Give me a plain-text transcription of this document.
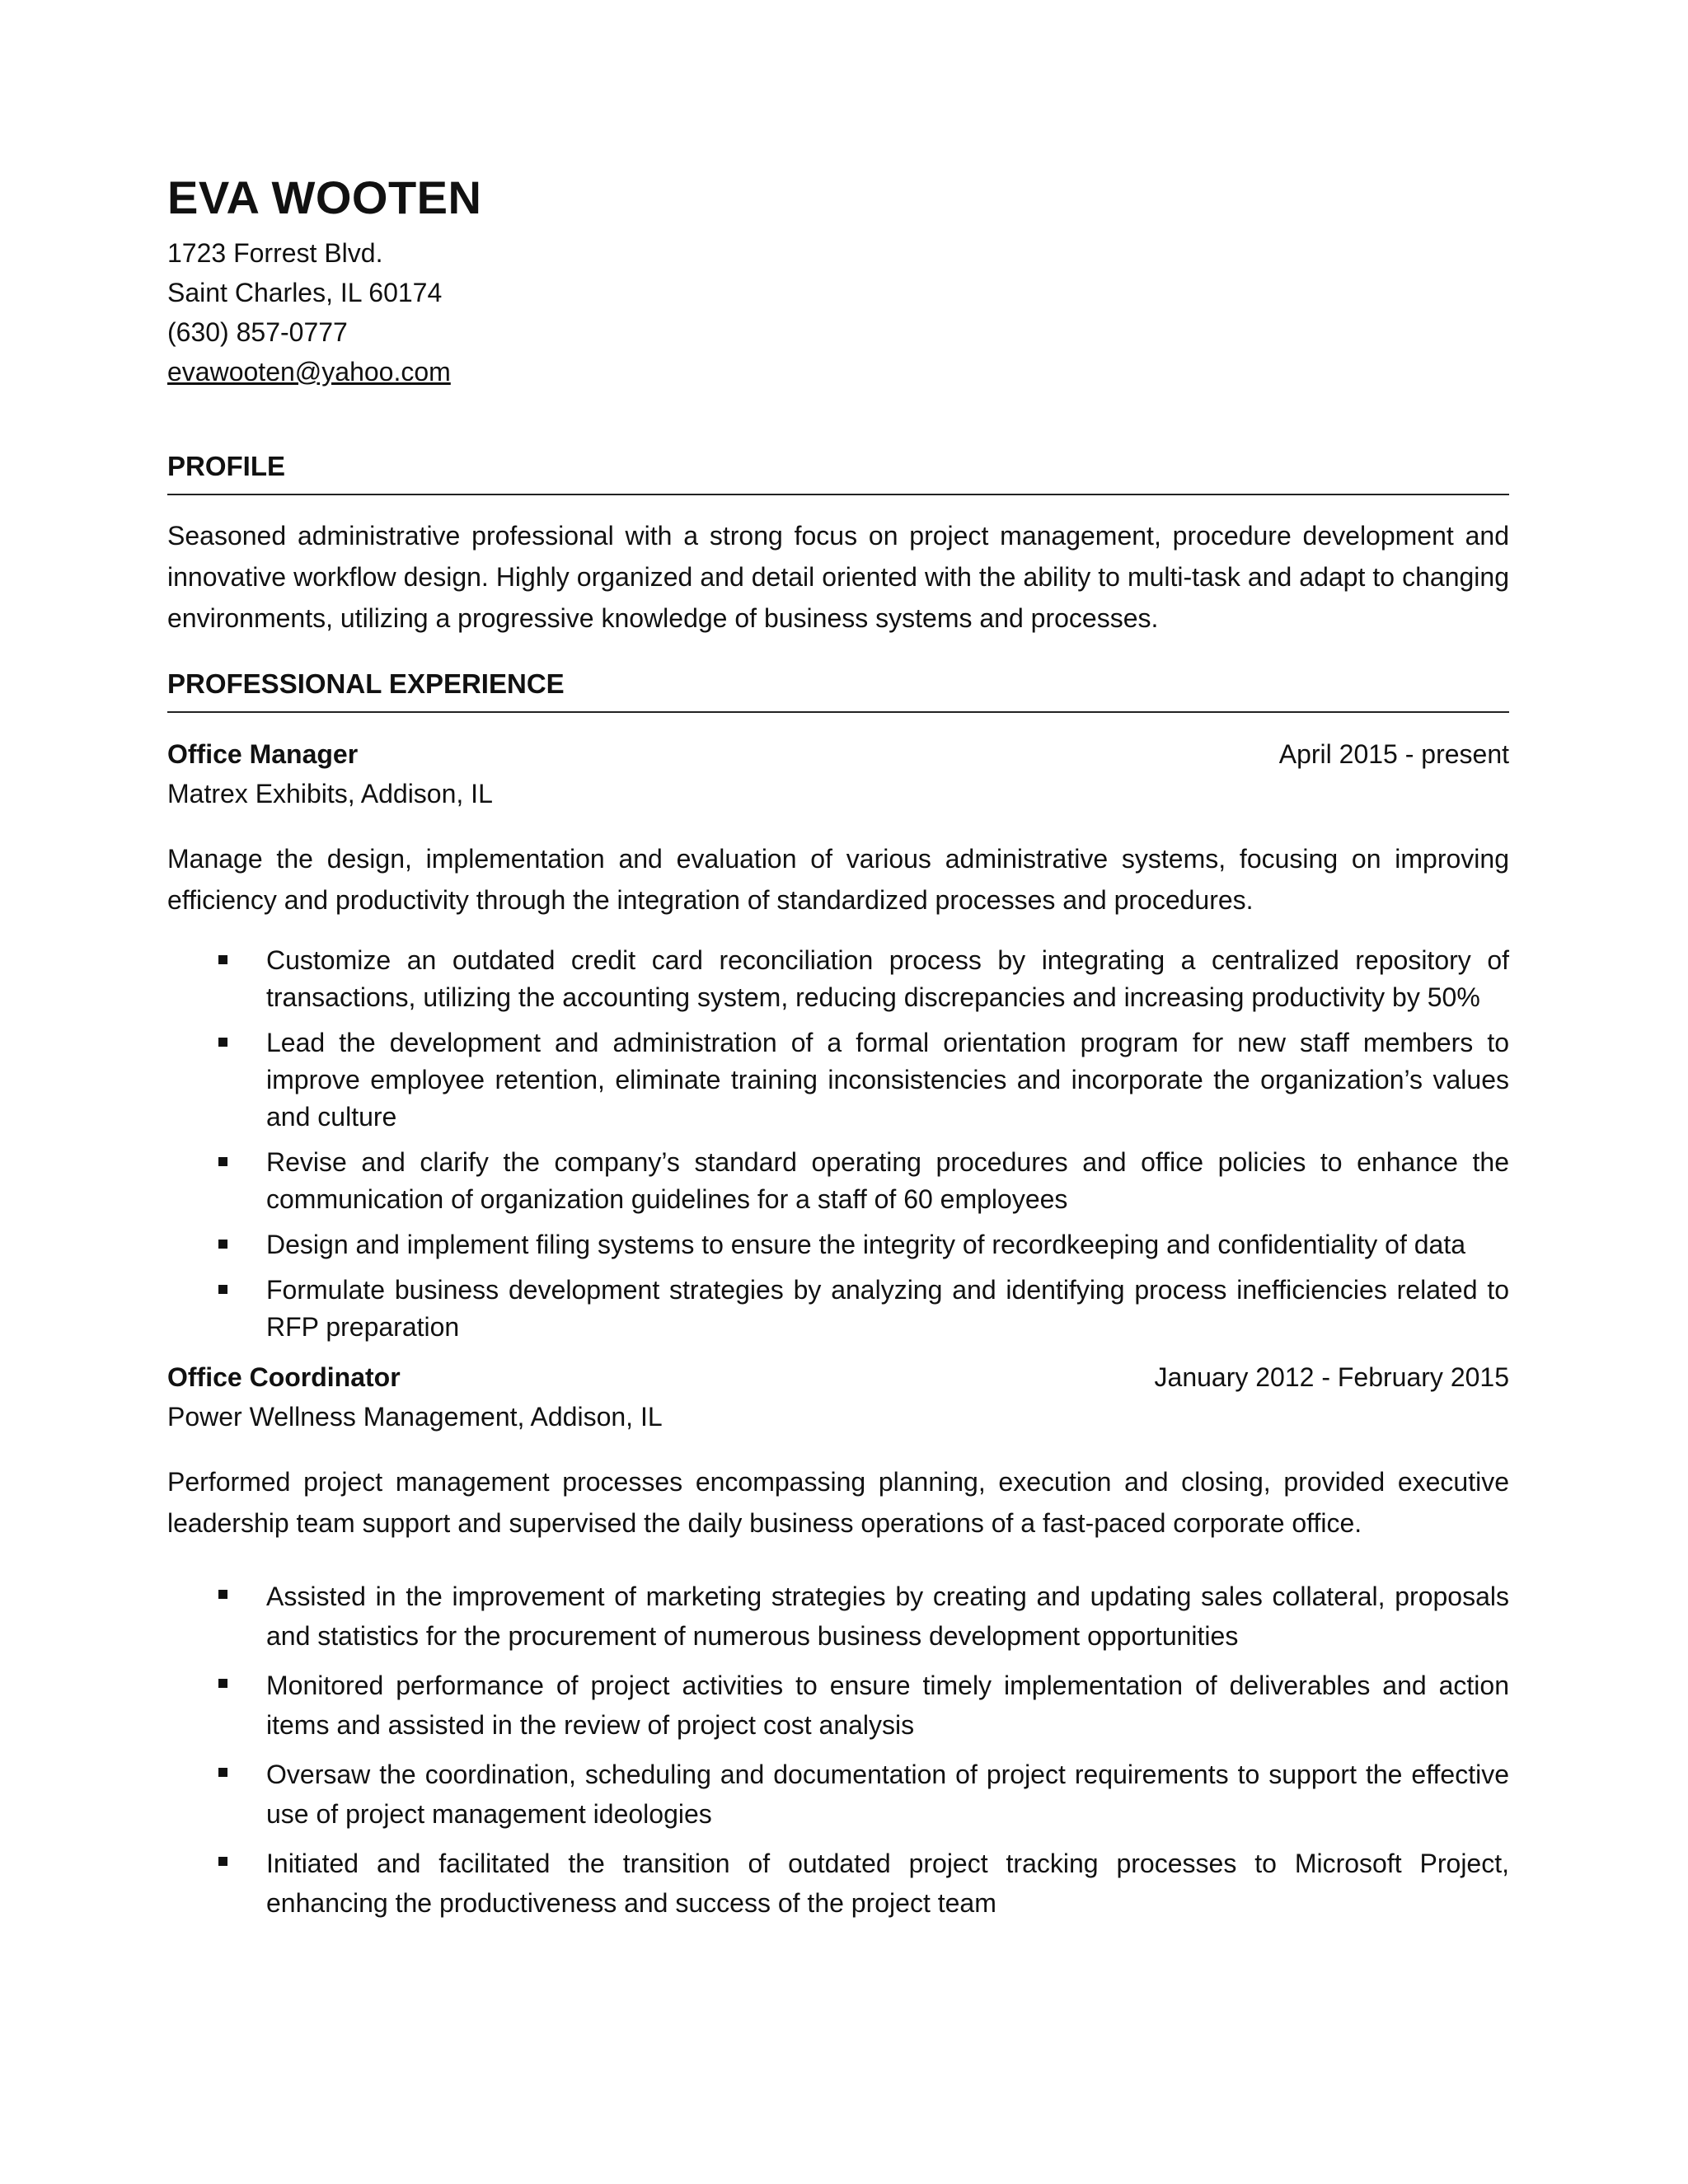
EVA WOOTEN
1723 Forrest Blvd.
Saint Charles, IL 60174
(630) 857-0777
evawooten@yahoo.com
PROFILE
Seasoned administrative professional with a strong focus on project management, procedure development and innovative workflow design. Highly organized and detail oriented with the ability to multi-task and adapt to changing environments, utilizing a progressive knowledge of business systems and processes.
PROFESSIONAL EXPERIENCE
Office Manager	April 2015 - present
Matrex Exhibits, Addison, IL
Manage the design, implementation and evaluation of various administrative systems, focusing on improving efficiency and productivity through the integration of standardized processes and procedures.
Customize an outdated credit card reconciliation process by integrating a centralized repository of transactions, utilizing the accounting system, reducing discrepancies and increasing productivity by 50%
Lead the development and administration of a formal orientation program for new staff members to improve employee retention, eliminate training inconsistencies and incorporate the organization’s values and culture
Revise and clarify the company’s standard operating procedures and office policies to enhance the communication of organization guidelines for a staff of 60 employees
Design and implement filing systems to ensure the integrity of recordkeeping and confidentiality of data
Formulate business development strategies by analyzing and identifying process inefficiencies related to RFP preparation
Office Coordinator	January 2012 - February 2015
Power Wellness Management, Addison, IL
Performed project management processes encompassing planning, execution and closing, provided executive leadership team support and supervised the daily business operations of a fast-paced corporate office.
Assisted in the improvement of marketing strategies by creating and updating sales collateral, proposals and statistics for the procurement of numerous business development opportunities
Monitored performance of project activities to ensure timely implementation of deliverables and action items and assisted in the review of project cost analysis
Oversaw the coordination, scheduling and documentation of project requirements to support the effective use of project management ideologies
Initiated and facilitated the transition of outdated project tracking processes to Microsoft Project, enhancing the productiveness and success of the project team
